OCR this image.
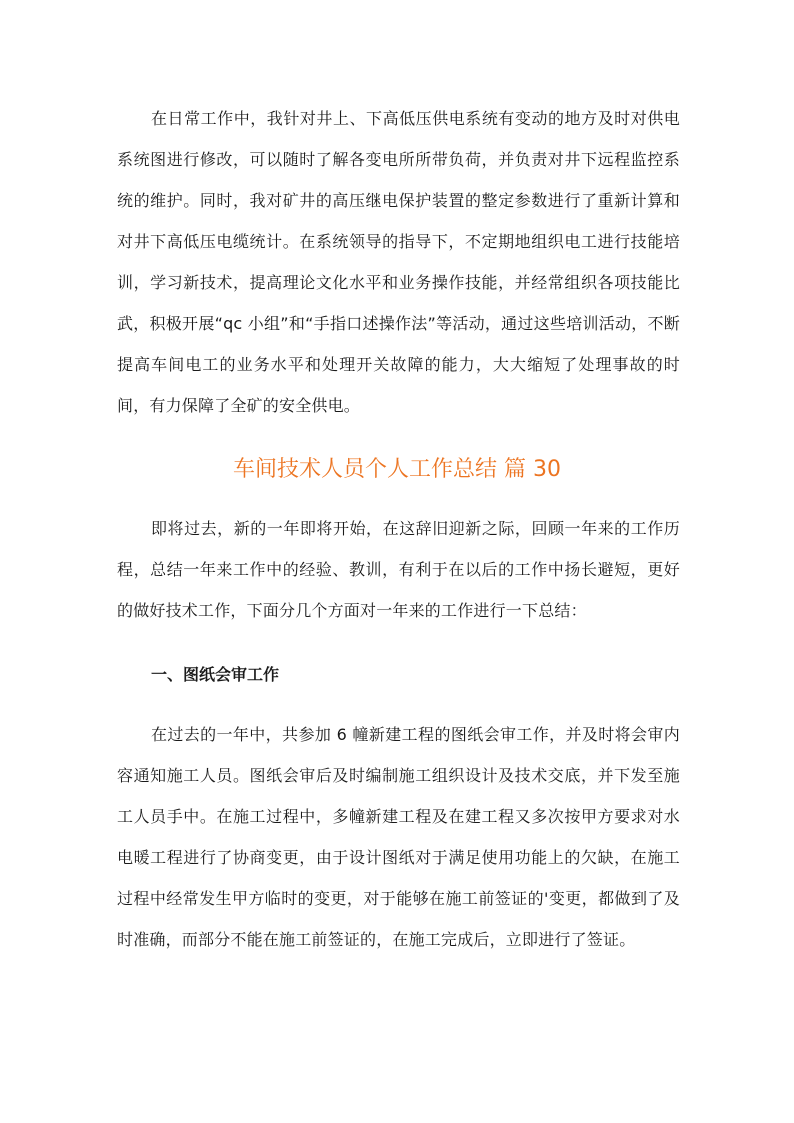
在日常工作中，我针对井上、下高低压供电系统有变动的地方及时对供电系统图进行修改，可以随时了解各变电所所带负荷，并负责对井下远程监控系统的维护。同时，我对矿井的高压继电保护装置的整定参数进行了重新计算和对井下高低压电缆统计。在系统领导的指导下，不定期地组织电工进行技能培训，学习新技术，提高理论文化水平和业务操作技能，并经常组织各项技能比武，积极开展“qc 小组”和“手指口述操作法”等活动，通过这些培训活动，不断提高车间电工的业务水平和处理开关故障的能力，大大缩短了处理事故的时间，有力保障了全矿的安全供电。

车间技术人员个人工作总结 篇 30

即将过去，新的一年即将开始，在这辞旧迎新之际，回顾一年来的工作历程，总结一年来工作中的经验、教训，有利于在以后的工作中扬长避短，更好的做好技术工作，下面分几个方面对一年来的工作进行一下总结：

一、图纸会审工作

在过去的一年中，共参加 6 幢新建工程的图纸会审工作，并及时将会审内容通知施工人员。图纸会审后及时编制施工组织设计及技术交底，并下发至施工人员手中。在施工过程中，多幢新建工程及在建工程又多次按甲方要求对水电暖工程进行了协商变更，由于设计图纸对于满足使用功能上的欠缺，在施工过程中经常发生甲方临时的变更，对于能够在施工前签证的'变更，都做到了及时准确，而部分不能在施工前签证的，在施工完成后，立即进行了签证。
